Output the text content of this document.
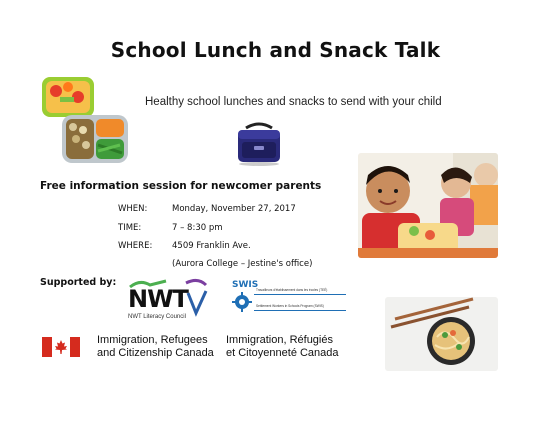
School Lunch and Snack Talk
Healthy school lunches and snacks to send with your child
Free information session for newcomer parents
WHEN:	Monday, November 27, 2017
TIME:	7 – 8:30 pm
WHERE: 4509 Franklin Ave.
(Aurora College – Jestine's office)
Supported by:
NWT
NWT Literacy Council
SWIS
Travailleurs d'établissement dans les écoles (TEÉ)
Settlement Workers in Schools Program (SWIS)
Immigration, Refugees
and Citizenship Canada
Immigration, Réfugiés
et Citoyenneté Canada
